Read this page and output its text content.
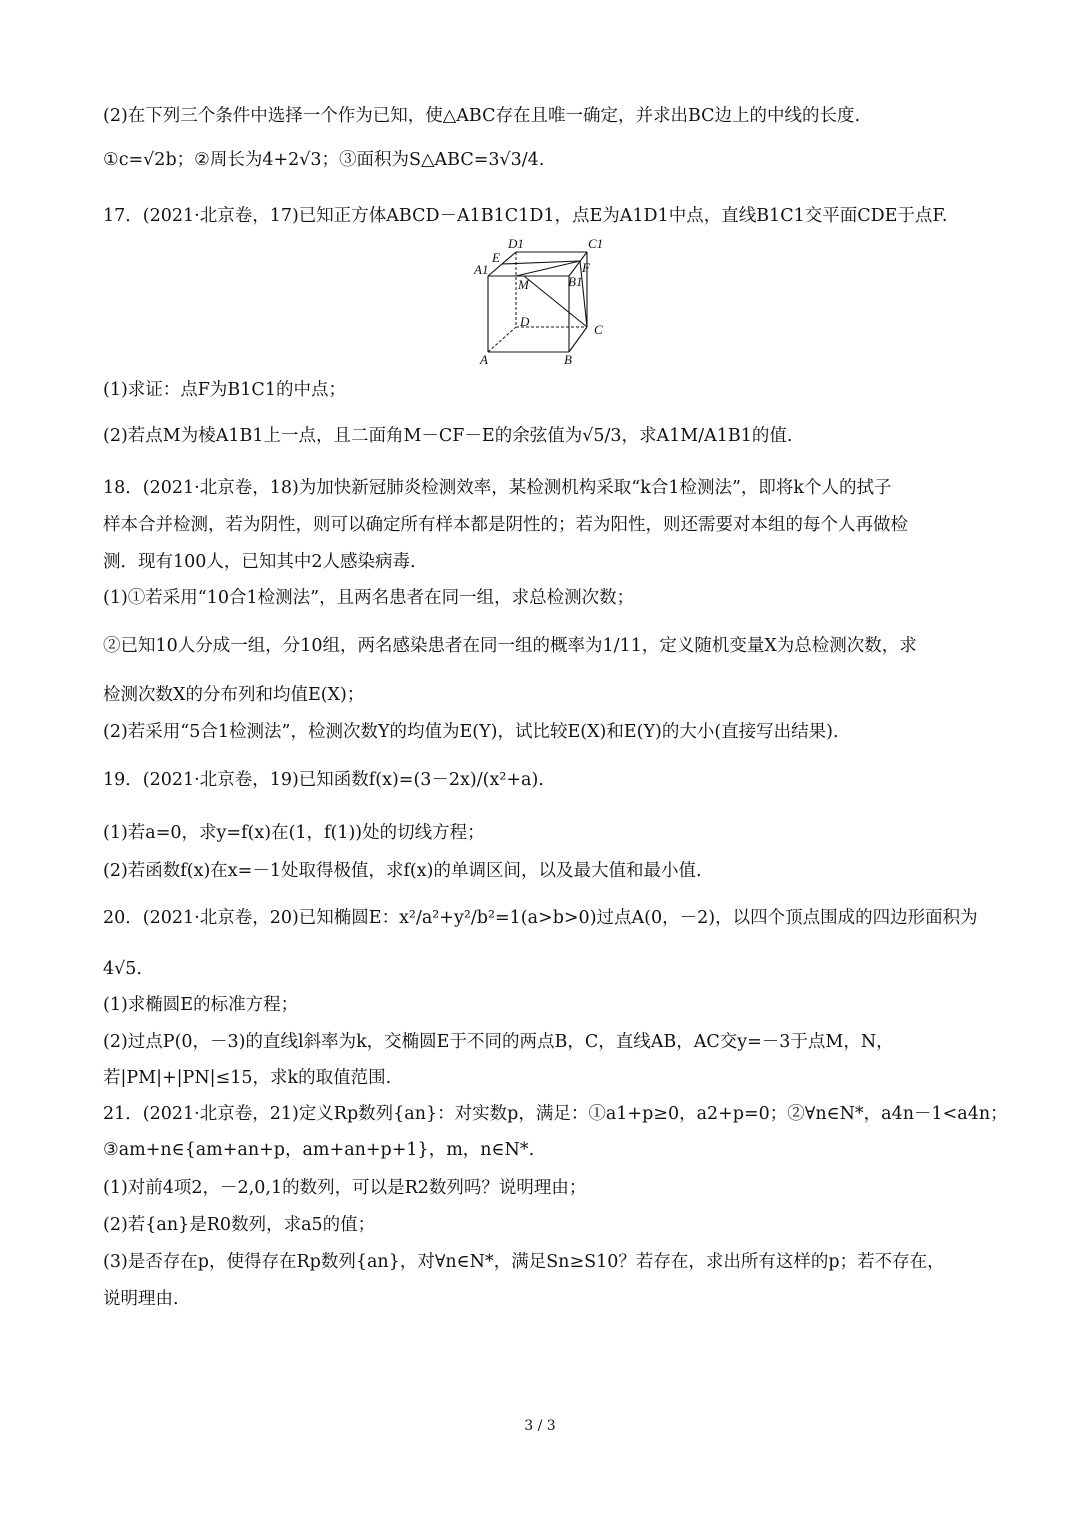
(2)在下列三个条件中选择一个作为已知，使△ABC存在且唯一确定，并求出BC边上的中线的长度.
①c=√2b；②周长为4+2√3；③面积为S△ABC=3√3/4.
17．(2021·北京卷，17)已知正方体ABCD－A1B1C1D1，点E为A1D1中点，直线B1C1交平面CDE于点F.
D1	C1
E
F
A1
M	B1
D
C
A	B
(1)求证：点F为B1C1的中点；
(2)若点M为棱A1B1上一点，且二面角M－CF－E的余弦值为√5/3，求A1M/A1B1的值.
18．(2021·北京卷，18)为加快新冠肺炎检测效率，某检测机构采取“k合1检测法”，即将k个人的拭子
样本合并检测，若为阴性，则可以确定所有样本都是阴性的；若为阳性，则还需要对本组的每个人再做检
测．现有100人，已知其中2人感染病毒.
(1)①若采用“10合1检测法”，且两名患者在同一组，求总检测次数；
②已知10人分成一组，分10组，两名感染患者在同一组的概率为1/11，定义随机变量X为总检测次数，求
检测次数X的分布列和均值E(X)；
(2)若采用“5合1检测法”，检测次数Y的均值为E(Y)，试比较E(X)和E(Y)的大小(直接写出结果).
19．(2021·北京卷，19)已知函数f(x)=(3－2x)/(x²+a).
(1)若a=0，求y=f(x)在(1，f(1))处的切线方程；
(2)若函数f(x)在x=－1处取得极值，求f(x)的单调区间，以及最大值和最小值.
20．(2021·北京卷，20)已知椭圆E：x²/a²+y²/b²=1(a>b>0)过点A(0，－2)，以四个顶点围成的四边形面积为
4√5.
(1)求椭圆E的标准方程；
(2)过点P(0，－3)的直线l斜率为k，交椭圆E于不同的两点B，C，直线AB，AC交y=－3于点M，N，
若|PM|+|PN|≤15，求k的取值范围.
21．(2021·北京卷，21)定义Rp数列{an}：对实数p，满足：①a1+p≥0，a2+p=0；②∀n∈N*，a4n－1<a4n；
③am+n∈{am+an+p，am+an+p+1}，m，n∈N*.
(1)对前4项2，－2,0,1的数列，可以是R2数列吗？说明理由；
(2)若{an}是R0数列，求a5的值；
(3)是否存在p，使得存在Rp数列{an}，对∀n∈N*，满足Sn≥S10？若存在，求出所有这样的p；若不存在，
说明理由.
3 / 3
